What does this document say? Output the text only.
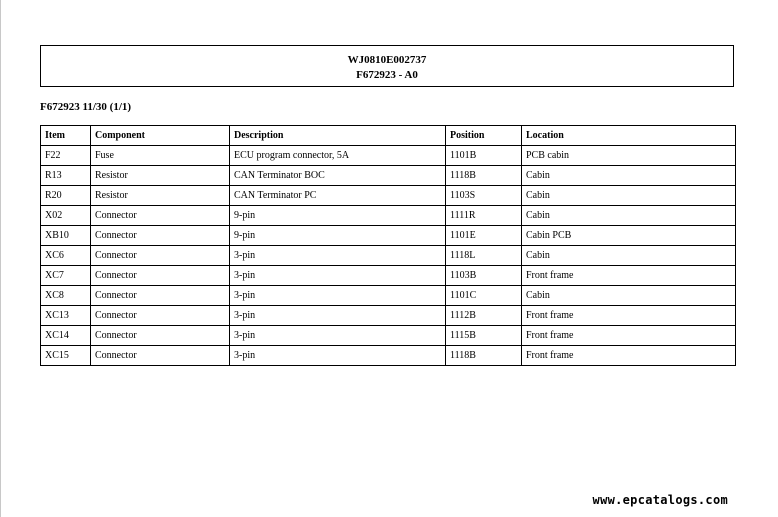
WJ0810E002737
F672923 - A0
F672923 11/30 (1/1)
Item	Component	Description	Position	Location
F22	Fuse	ECU program connector, 5A	1101B	PCB cabin
R13	Resistor	CAN Terminator BOC	1118B	Cabin
R20	Resistor	CAN Terminator PC	1103S	Cabin
X02	Connector	9-pin	1111R	Cabin
XB10	Connector	9-pin	1101E	Cabin PCB
XC6	Connector	3-pin	1118L	Cabin
XC7	Connector	3-pin	1103B	Front frame
XC8	Connector	3-pin	1101C	Cabin
XC13	Connector	3-pin	1112B	Front frame
XC14	Connector	3-pin	1115B	Front frame
XC15	Connector	3-pin	1118B	Front frame
www.epcatalogs.com
